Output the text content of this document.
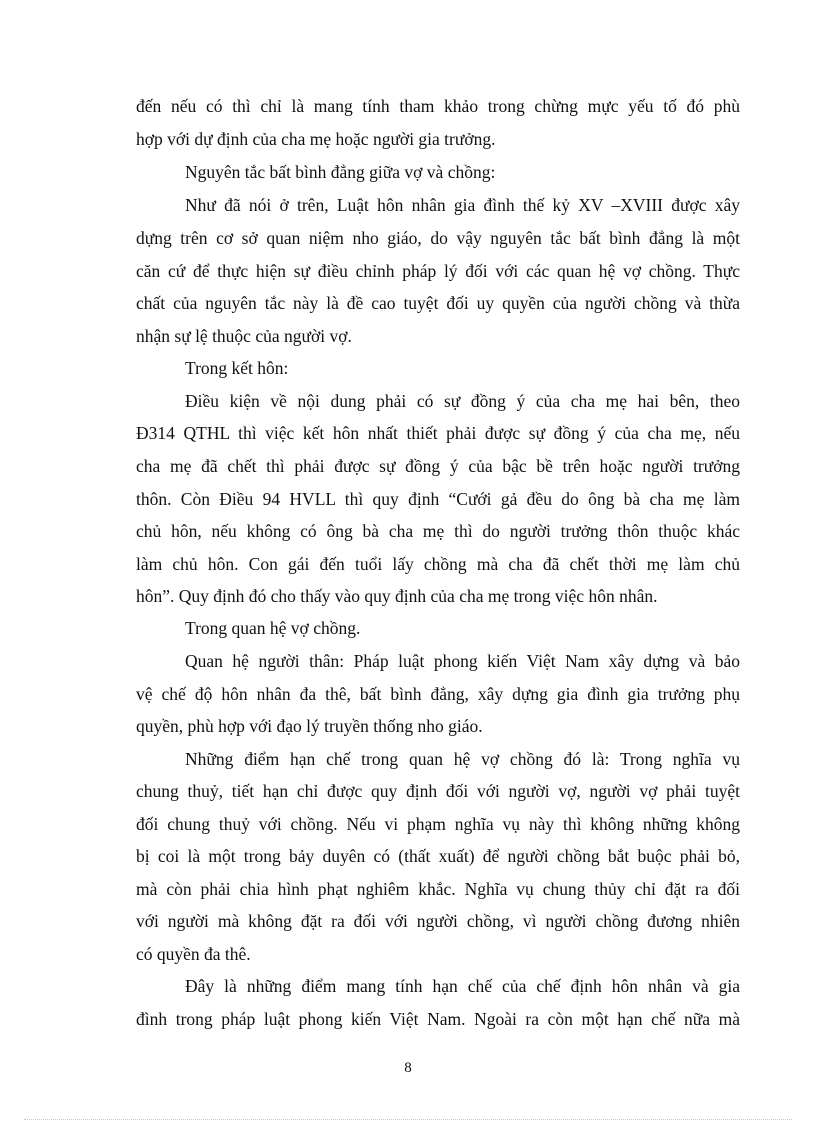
đến nếu có thì chỉ là mang tính tham khảo trong chừng mực yếu tố đó phù
hợp với dự định của cha mẹ hoặc người gia trưởng.
Nguyên tắc bất bình đẳng giữa vợ và chồng:
Như đã nói ở trên, Luật hôn nhân gia đình thế kỷ XV –XVIII được xây
dựng trên cơ sở quan niệm nho giáo, do vậy nguyên tắc bất bình đẳng là một
căn cứ để thực hiện sự điều chỉnh pháp lý đối với các quan hệ vợ chồng. Thực
chất của nguyên tắc này là đề cao tuyệt đối uy quyền của người chồng và thừa
nhận sự lệ thuộc của người vợ.
Trong kết hôn:
Điều kiện về nội dung phải có sự đồng ý của cha mẹ hai bên, theo
Đ314 QTHL thì việc kết hôn nhất thiết phải được sự đồng ý của cha mẹ, nếu
cha mẹ đã chết thì phải được sự đồng ý của bậc bề trên hoặc người trưởng
thôn. Còn Điều 94 HVLL thì quy định “Cưới gả đều do ông bà cha mẹ làm
chủ hôn, nếu không có ông bà cha mẹ thì do người trưởng thôn thuộc khác
làm chủ hôn. Con gái đến tuổi lấy chồng mà cha đã chết thời mẹ làm chủ
hôn”. Quy định đó cho thấy vào quy định của cha mẹ trong việc hôn nhân.
Trong quan hệ vợ chồng.
Quan hệ người thân: Pháp luật phong kiến Việt Nam xây dựng và bảo
vệ chế độ hôn nhân đa thê, bất bình đẳng, xây dựng gia đình gia trưởng phụ
quyền, phù hợp với đạo lý truyền thống nho giáo.
Những điểm hạn chế trong quan hệ vợ chồng đó là: Trong nghĩa vụ
chung thuỷ, tiết hạn chỉ được quy định đối với người vợ, người vợ phải tuyệt
đối chung thuỷ với chồng. Nếu vi phạm nghĩa vụ này thì không những không
bị coi là một trong bảy duyên có (thất xuất) để người chồng bắt buộc phải bỏ,
mà còn phải chia hình phạt nghiêm khắc. Nghĩa vụ chung thủy chỉ đặt ra đối
với người mà không đặt ra đối với người chồng, vì người chồng đương nhiên
có quyền đa thê.
Đây là những điểm mang tính hạn chế của chế định hôn nhân và gia
đình trong pháp luật phong kiến Việt Nam. Ngoài ra còn một hạn chế nữa mà
8
